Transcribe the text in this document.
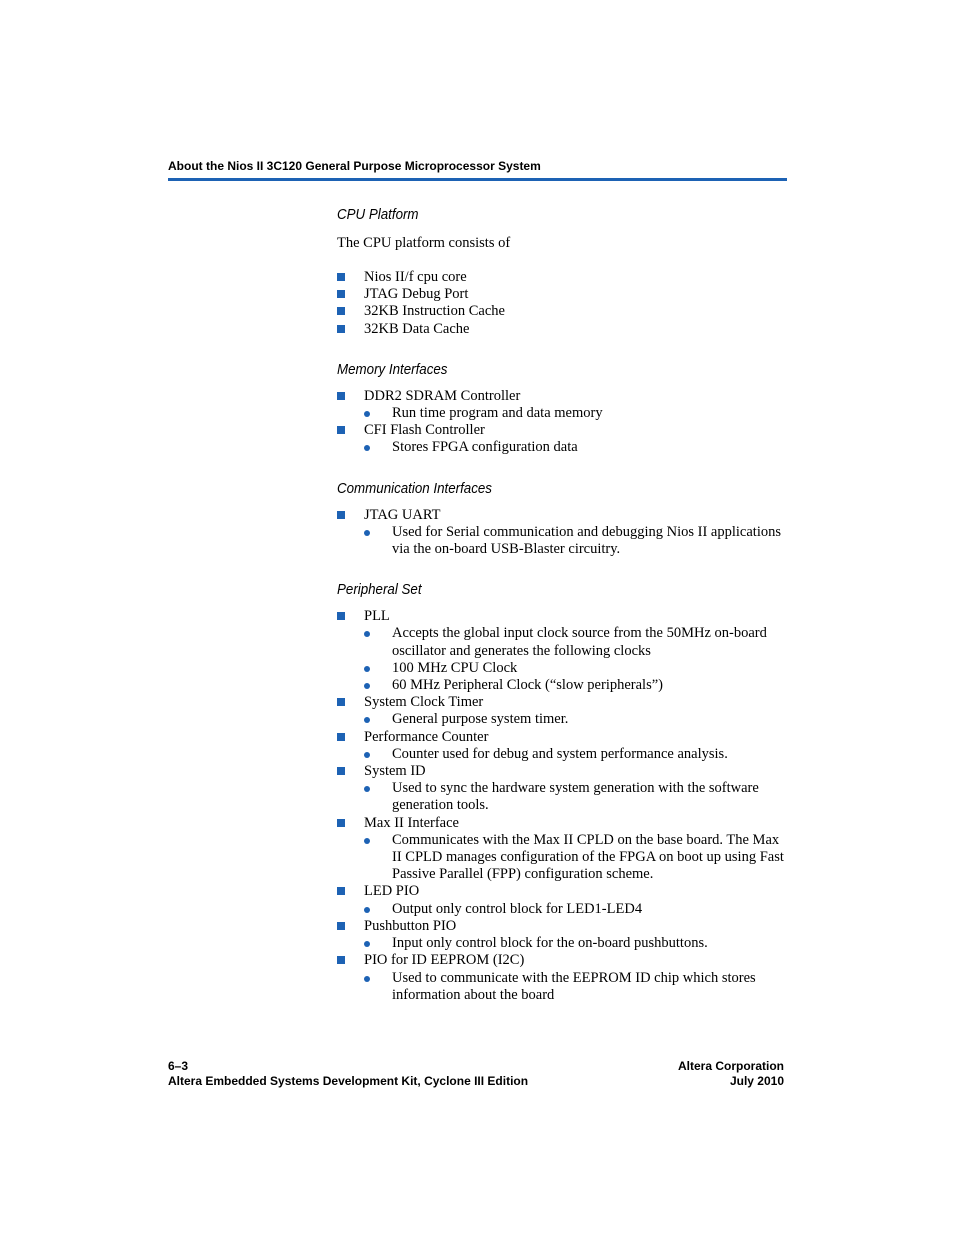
About the Nios II 3C120 General Purpose Microprocessor System
CPU Platform

The CPU platform consists of

Nios II/f cpu core
JTAG Debug Port
32KB Instruction Cache
32KB Data Cache
Memory Interfaces
DDR2 SDRAM Controller
Run time program and data memory
CFI Flash Controller
Stores FPGA configuration data
Communication Interfaces
JTAG UART
Used for Serial communication and debugging Nios II applications via the on-board USB-Blaster circuitry.
Peripheral Set
PLL
Accepts the global input clock source from the 50MHz on-board oscillator and generates the following clocks
100 MHz CPU Clock
60 MHz Peripheral Clock (“slow peripherals”)
System Clock Timer
General purpose system timer.
Performance Counter
Counter used for debug and system performance analysis.
System ID
Used to sync the hardware system generation with the software generation tools.
Max II Interface
Communicates with the Max II CPLD on the base board. The Max II CPLD manages configuration of the FPGA on boot up using Fast Passive Parallel (FPP) configuration scheme.
LED PIO
Output only control block for LED1-LED4
Pushbutton PIO
Input only control block for the on-board pushbuttons.
PIO for ID EEPROM (I2C)
Used to communicate with the EEPROM ID chip which stores information about the board
6–3
Altera Embedded Systems Development Kit, Cyclone III Edition
Altera Corporation
July 2010
